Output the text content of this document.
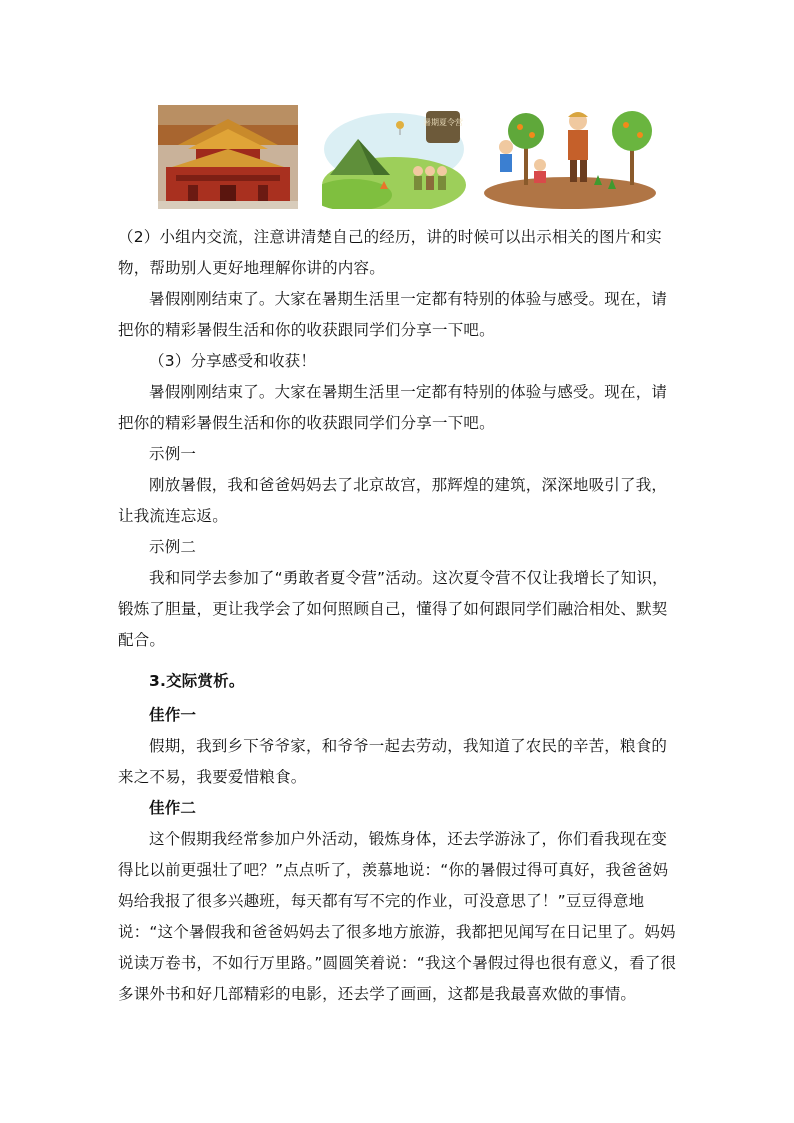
暑期夏令营
（2）小组内交流，注意讲清楚自己的经历，讲的时候可以出示相关的图片和实物，帮助别人更好地理解你讲的内容。
暑假刚刚结束了。大家在暑期生活里一定都有特别的体验与感受。现在，请把你的精彩暑假生活和你的收获跟同学们分享一下吧。
（3）分享感受和收获！
暑假刚刚结束了。大家在暑期生活里一定都有特别的体验与感受。现在，请把你的精彩暑假生活和你的收获跟同学们分享一下吧。
示例一
刚放暑假，我和爸爸妈妈去了北京故宫，那辉煌的建筑，深深地吸引了我，让我流连忘返。
示例二
我和同学去参加了“勇敢者夏令营”活动。这次夏令营不仅让我增长了知识，锻炼了胆量，更让我学会了如何照顾自己，懂得了如何跟同学们融洽相处、默契配合。
3.交际赏析。
佳作一
假期，我到乡下爷爷家，和爷爷一起去劳动，我知道了农民的辛苦，粮食的来之不易，我要爱惜粮食。
佳作二
这个假期我经常参加户外活动，锻炼身体，还去学游泳了，你们看我现在变得比以前更强壮了吧？”点点听了，羡慕地说：“你的暑假过得可真好，我爸爸妈妈给我报了很多兴趣班，每天都有写不完的作业，可没意思了！”豆豆得意地说：“这个暑假我和爸爸妈妈去了很多地方旅游，我都把见闻写在日记里了。妈妈说读万卷书，不如行万里路。”圆圆笑着说：“我这个暑假过得也很有意义，看了很多课外书和好几部精彩的电影，还去学了画画，这都是我最喜欢做的事情。
